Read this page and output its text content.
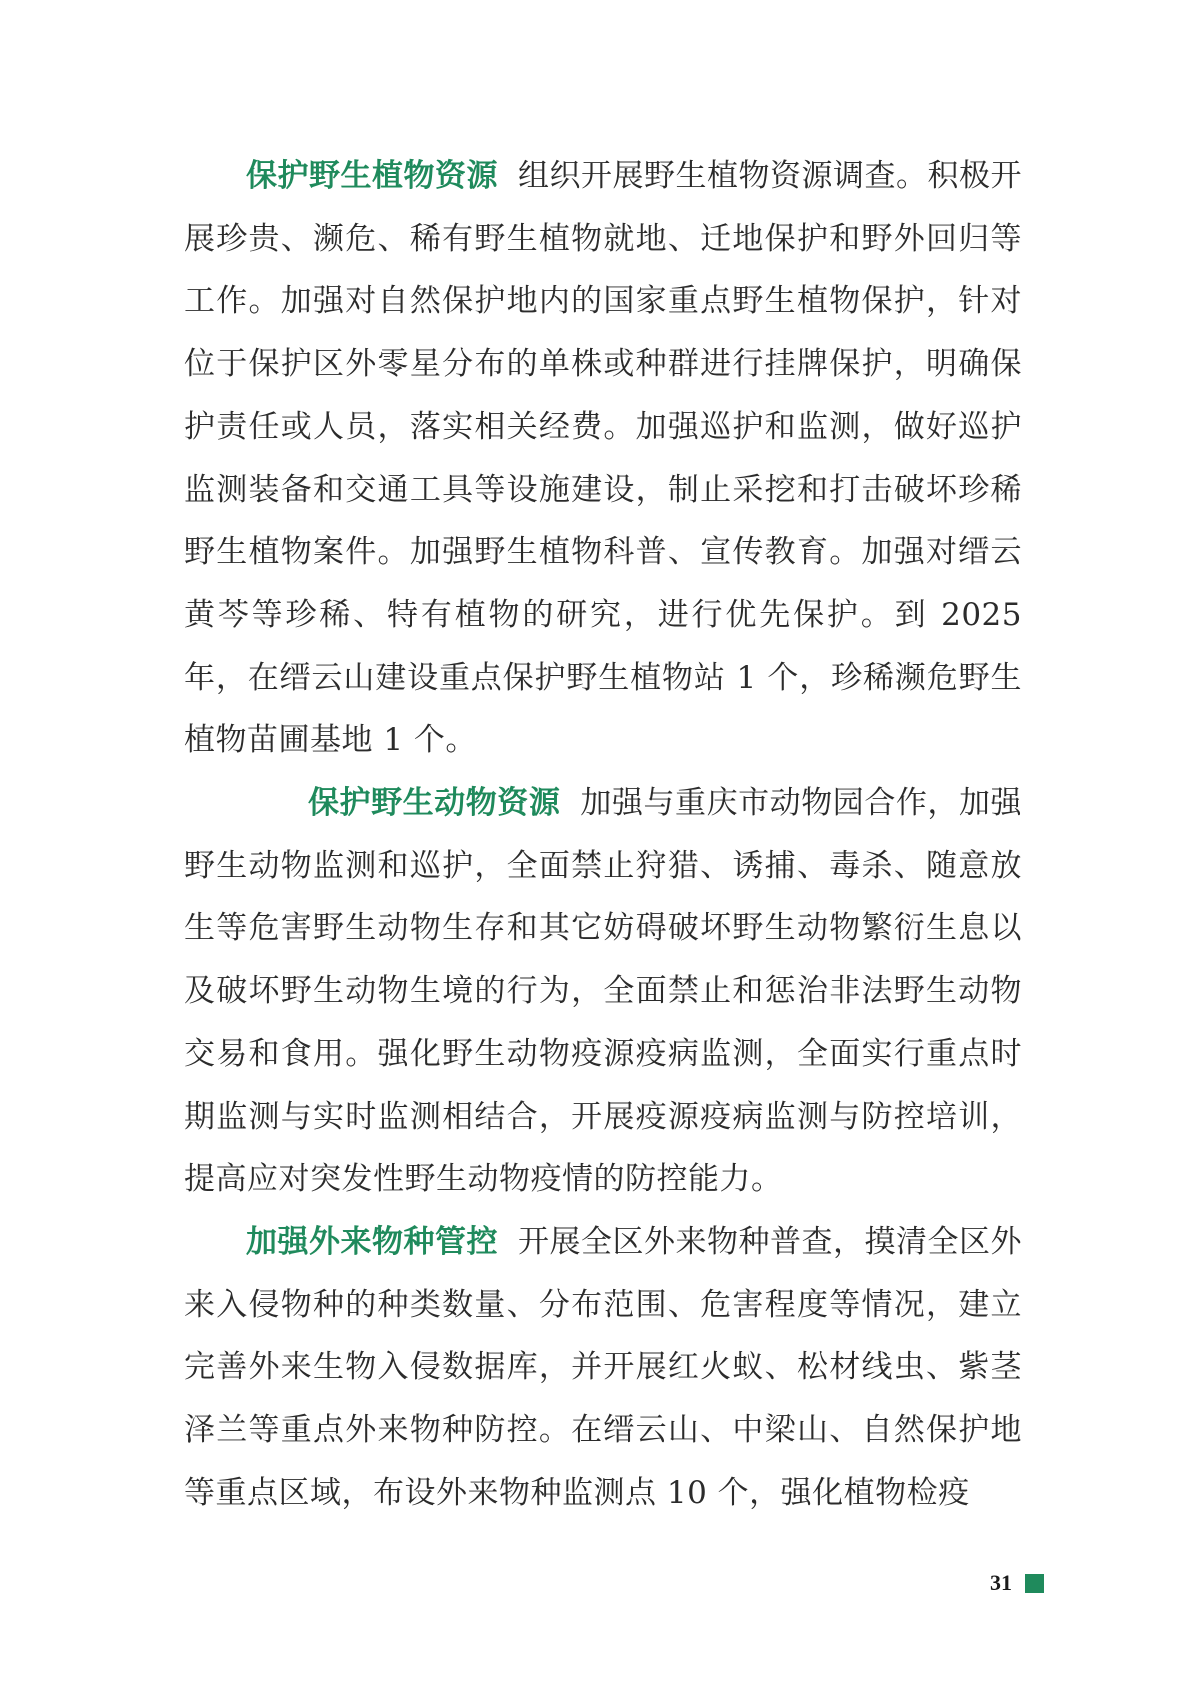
保护野生植物资源 组织开展野生植物资源调查。积极开展珍贵、濒危、稀有野生植物就地、迁地保护和野外回归等工作。加强对自然保护地内的国家重点野生植物保护，针对位于保护区外零星分布的单株或种群进行挂牌保护，明确保护责任或人员，落实相关经费。加强巡护和监测，做好巡护监测装备和交通工具等设施建设，制止采挖和打击破坏珍稀野生植物案件。加强野生植物科普、宣传教育。加强对缙云黄芩等珍稀、特有植物的研究，进行优先保护。到 2025 年，在缙云山建设重点保护野生植物站 1 个，珍稀濒危野生植物苗圃基地 1 个。

保护野生动物资源 加强与重庆市动物园合作，加强野生动物监测和巡护，全面禁止狩猎、诱捕、毒杀、随意放生等危害野生动物生存和其它妨碍破坏野生动物繁衍生息以及破坏野生动物生境的行为，全面禁止和惩治非法野生动物交易和食用。强化野生动物疫源疫病监测，全面实行重点时期监测与实时监测相结合，开展疫源疫病监测与防控培训，提高应对突发性野生动物疫情的防控能力。

加强外来物种管控 开展全区外来物种普查，摸清全区外来入侵物种的种类数量、分布范围、危害程度等情况，建立完善外来生物入侵数据库，并开展红火蚁、松材线虫、紫茎泽兰等重点外来物种防控。在缙云山、中梁山、自然保护地等重点区域，布设外来物种监测点 10 个，强化植物检疫

31
